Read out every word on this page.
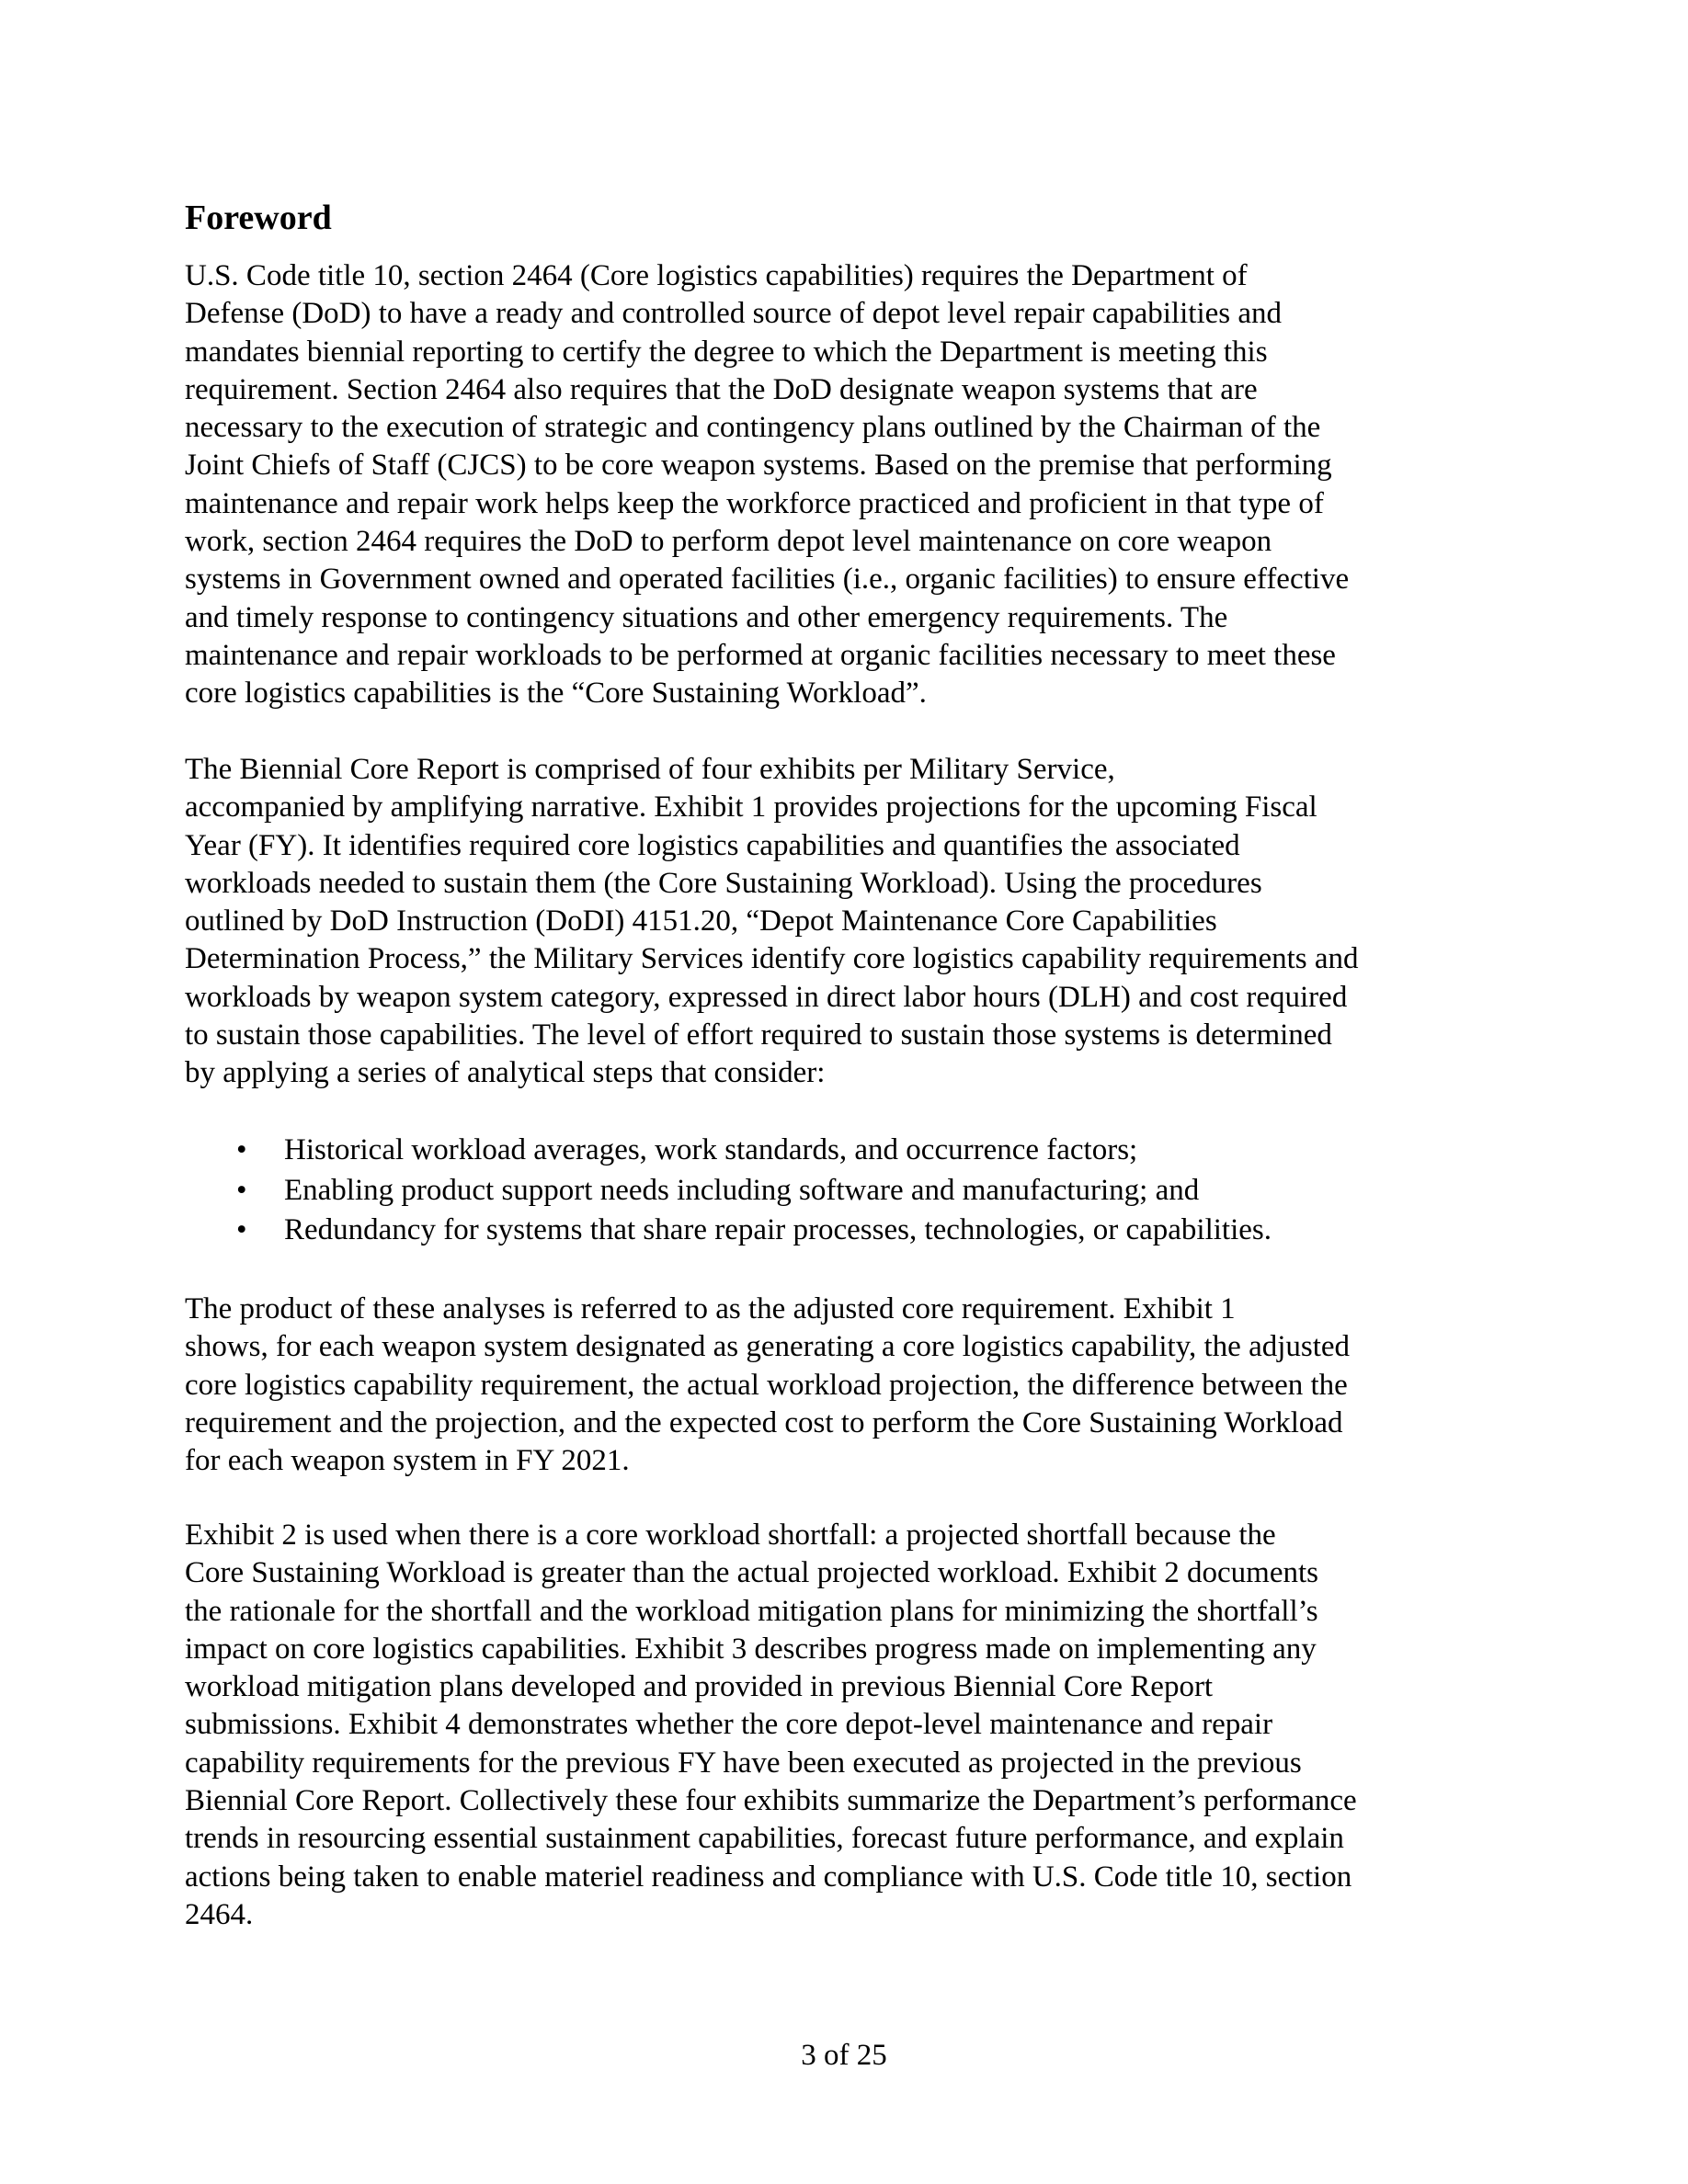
Foreword

U.S. Code title 10, section 2464 (Core logistics capabilities) requires the Department of
Defense (DoD) to have a ready and controlled source of depot level repair capabilities and
mandates biennial reporting to certify the degree to which the Department is meeting this
requirement. Section 2464 also requires that the DoD designate weapon systems that are
necessary to the execution of strategic and contingency plans outlined by the Chairman of the
Joint Chiefs of Staff (CJCS) to be core weapon systems. Based on the premise that performing
maintenance and repair work helps keep the workforce practiced and proficient in that type of
work, section 2464 requires the DoD to perform depot level maintenance on core weapon
systems in Government owned and operated facilities (i.e., organic facilities) to ensure effective
and timely response to contingency situations and other emergency requirements. The
maintenance and repair workloads to be performed at organic facilities necessary to meet these
core logistics capabilities is the “Core Sustaining Workload”.

The Biennial Core Report is comprised of four exhibits per Military Service,
accompanied by amplifying narrative. Exhibit 1 provides projections for the upcoming Fiscal
Year (FY). It identifies required core logistics capabilities and quantifies the associated
workloads needed to sustain them (the Core Sustaining Workload). Using the procedures
outlined by DoD Instruction (DoDI) 4151.20, “Depot Maintenance Core Capabilities
Determination Process,” the Military Services identify core logistics capability requirements and
workloads by weapon system category, expressed in direct labor hours (DLH) and cost required
to sustain those capabilities. The level of effort required to sustain those systems is determined
by applying a series of analytical steps that consider:

• Historical workload averages, work standards, and occurrence factors;
• Enabling product support needs including software and manufacturing; and
• Redundancy for systems that share repair processes, technologies, or capabilities.

The product of these analyses is referred to as the adjusted core requirement. Exhibit 1
shows, for each weapon system designated as generating a core logistics capability, the adjusted
core logistics capability requirement, the actual workload projection, the difference between the
requirement and the projection, and the expected cost to perform the Core Sustaining Workload
for each weapon system in FY 2021.

Exhibit 2 is used when there is a core workload shortfall: a projected shortfall because the
Core Sustaining Workload is greater than the actual projected workload. Exhibit 2 documents
the rationale for the shortfall and the workload mitigation plans for minimizing the shortfall’s
impact on core logistics capabilities. Exhibit 3 describes progress made on implementing any
workload mitigation plans developed and provided in previous Biennial Core Report
submissions. Exhibit 4 demonstrates whether the core depot-level maintenance and repair
capability requirements for the previous FY have been executed as projected in the previous
Biennial Core Report. Collectively these four exhibits summarize the Department’s performance
trends in resourcing essential sustainment capabilities, forecast future performance, and explain
actions being taken to enable materiel readiness and compliance with U.S. Code title 10, section
2464.

3 of 25
